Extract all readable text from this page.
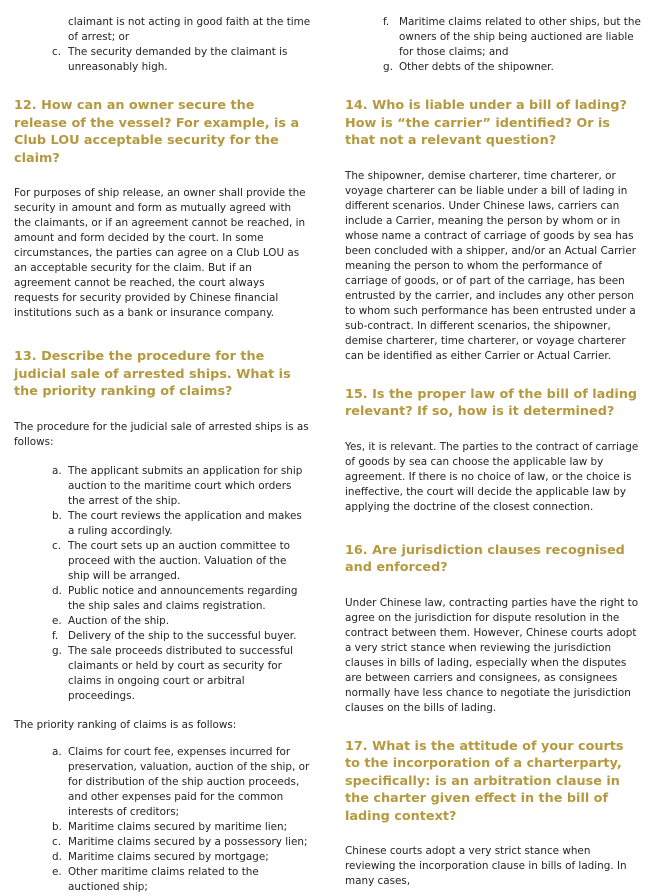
claimant is not acting in good faith at the time of arrest; or
c. The security demanded by the claimant is unreasonably high.
12. How can an owner secure the release of the vessel? For example, is a Club LOU acceptable security for the claim?

For purposes of ship release, an owner shall provide the security in amount and form as mutually agreed with the claimants, or if an agreement cannot be reached, in amount and form decided by the court. In some circumstances, the parties can agree on a Club LOU as an acceptable security for the claim. But if an agreement cannot be reached, the court always requests for security provided by Chinese financial institutions such as a bank or insurance company.

13. Describe the procedure for the judicial sale of arrested ships. What is the priority ranking of claims?

The procedure for the judicial sale of arrested ships is as follows:

a. The applicant submits an application for ship auction to the maritime court which orders the arrest of the ship.
b. The court reviews the application and makes a ruling accordingly.
c. The court sets up an auction committee to proceed with the auction. Valuation of the ship will be arranged.
d. Public notice and announcements regarding the ship sales and claims registration.
e. Auction of the ship.
f. Delivery of the ship to the successful buyer.
g. The sale proceeds distributed to successful claimants or held by court as security for claims in ongoing court or arbitral proceedings.

The priority ranking of claims is as follows:

a. Claims for court fee, expenses incurred for preservation, valuation, auction of the ship, or for distribution of the ship auction proceeds, and other expenses paid for the common interests of creditors;
b. Maritime claims secured by maritime lien;
c. Maritime claims secured by a possessory lien;
d. Maritime claims secured by mortgage;
e. Other maritime claims related to the auctioned ship;
f. Maritime claims related to other ships, but the owners of the ship being auctioned are liable for those claims; and
g. Other debts of the shipowner.
14. Who is liable under a bill of lading? How is “the carrier” identified? Or is that not a relevant question?

The shipowner, demise charterer, time charterer, or voyage charterer can be liable under a bill of lading in different scenarios. Under Chinese laws, carriers can include a Carrier, meaning the person by whom or in whose name a contract of carriage of goods by sea has been concluded with a shipper, and/or an Actual Carrier meaning the person to whom the performance of carriage of goods, or of part of the carriage, has been entrusted by the carrier, and includes any other person to whom such performance has been entrusted under a sub-contract. In different scenarios, the shipowner, demise charterer, time charterer, or voyage charterer can be identified as either Carrier or Actual Carrier.

15. Is the proper law of the bill of lading relevant? If so, how is it determined?

Yes, it is relevant. The parties to the contract of carriage of goods by sea can choose the applicable law by agreement. If there is no choice of law, or the choice is ineffective, the court will decide the applicable law by applying the doctrine of the closest connection.

16. Are jurisdiction clauses recognised and enforced?

Under Chinese law, contracting parties have the right to agree on the jurisdiction for dispute resolution in the contract between them. However, Chinese courts adopt a very strict stance when reviewing the jurisdiction clauses in bills of lading, especially when the disputes are between carriers and consignees, as consignees normally have less chance to negotiate the jurisdiction clauses on the bills of lading.

17. What is the attitude of your courts to the incorporation of a charterparty, specifically: is an arbitration clause in the charter given effect in the bill of lading context?

Chinese courts adopt a very strict stance when reviewing the incorporation clause in bills of lading. In many cases,
